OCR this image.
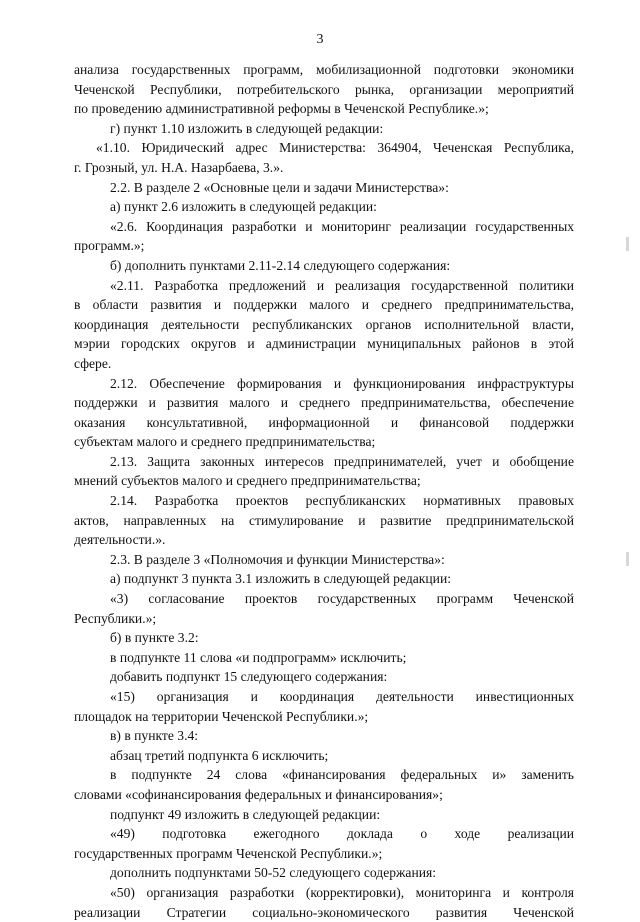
3
анализа государственных программ, мобилизационной подготовки экономики
Чеченской Республики, потребительского рынка, организации мероприятий
по проведению административной реформы в Чеченской Республике.»;
г) пункт 1.10 изложить в следующей редакции:
«1.10. Юридический адрес Министерства: 364904, Чеченская Республика,
г. Грозный, ул. Н.А. Назарбаева, 3.».
2.2. В разделе 2 «Основные цели и задачи Министерства»:
а) пункт 2.6 изложить в следующей редакции:
«2.6. Координация разработки и мониторинг реализации государственных
программ.»;
б) дополнить пунктами 2.11-2.14 следующего содержания:
«2.11. Разработка предложений и реализация государственной политики
в области развития и поддержки малого и среднего предпринимательства,
координация деятельности республиканских органов исполнительной власти,
мэрии городских округов и администрации муниципальных районов в этой
сфере.
2.12. Обеспечение формирования и функционирования инфраструктуры
поддержки и развития малого и среднего предпринимательства, обеспечение
оказания консультативной, информационной и финансовой поддержки
субъектам малого и среднего предпринимательства;
2.13. Защита законных интересов предпринимателей, учет и обобщение
мнений субъектов малого и среднего предпринимательства;
2.14. Разработка проектов республиканских нормативных правовых
актов, направленных на стимулирование и развитие предпринимательской
деятельности.».
2.3. В разделе 3 «Полномочия и функции Министерства»:
а) подпункт 3 пункта 3.1 изложить в следующей редакции:
«3) согласование проектов государственных программ Чеченской
Республики.»;
б) в пункте 3.2:
в подпункте 11 слова «и подпрограмм» исключить;
добавить подпункт 15 следующего содержания:
«15) организация и координация деятельности инвестиционных
площадок на территории Чеченской Республики.»;
в) в пункте 3.4:
абзац третий подпункта 6 исключить;
в подпункте 24 слова «финансирования федеральных и» заменить
словами «софинансирования федеральных и финансирования»;
подпункт 49 изложить в следующей редакции:
«49) подготовка ежегодного доклада о ходе реализации
государственных программ Чеченской Республики.»;
дополнить подпунктами 50-52 следующего содержания:
«50) организация разработки (корректировки), мониторинга и контроля
реализации Стратегии социально-экономического развития Чеченской
